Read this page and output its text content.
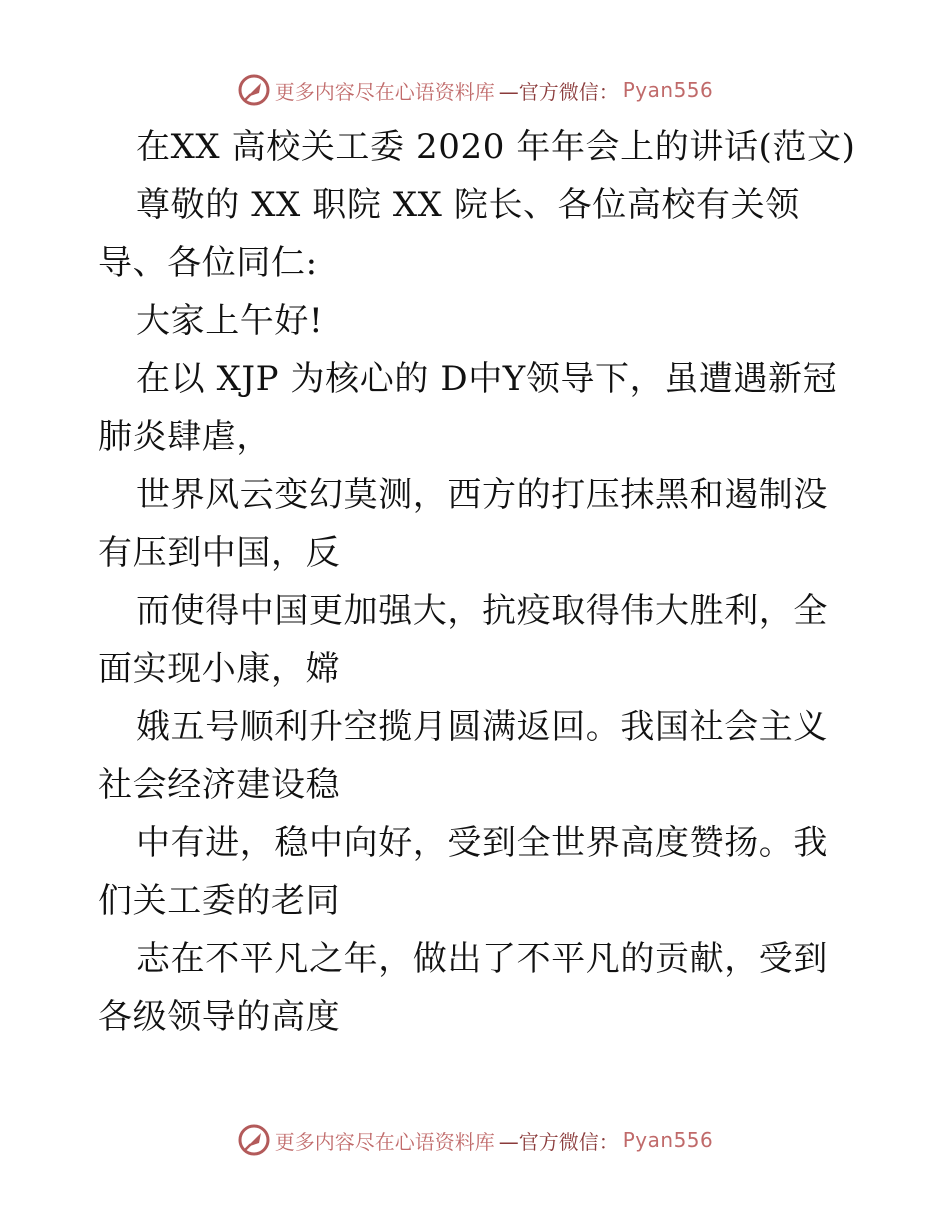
更多内容尽在心语资料库 —官方微信： Pyan556

在XX 高校关工委 2020 年年会上的讲话(范文)

尊敬的 XX 职院 XX 院长、各位高校有关领导、各位同仁:

大家上午好!

在以 XJP 为核心的 D中Y领导下，虽遭遇新冠肺炎肆虐，

世界风云变幻莫测，西方的打压抹黑和遏制没有压到中国，反

而使得中国更加强大，抗疫取得伟大胜利，全面实现小康，嫦

娥五号顺利升空揽月圆满返回。我国社会主义社会经济建设稳

中有进，稳中向好，受到全世界高度赞扬。我们关工委的老同

志在不平凡之年，做出了不平凡的贡献，受到各级领导的高度

更多内容尽在心语资料库 —官方微信： Pyan556
